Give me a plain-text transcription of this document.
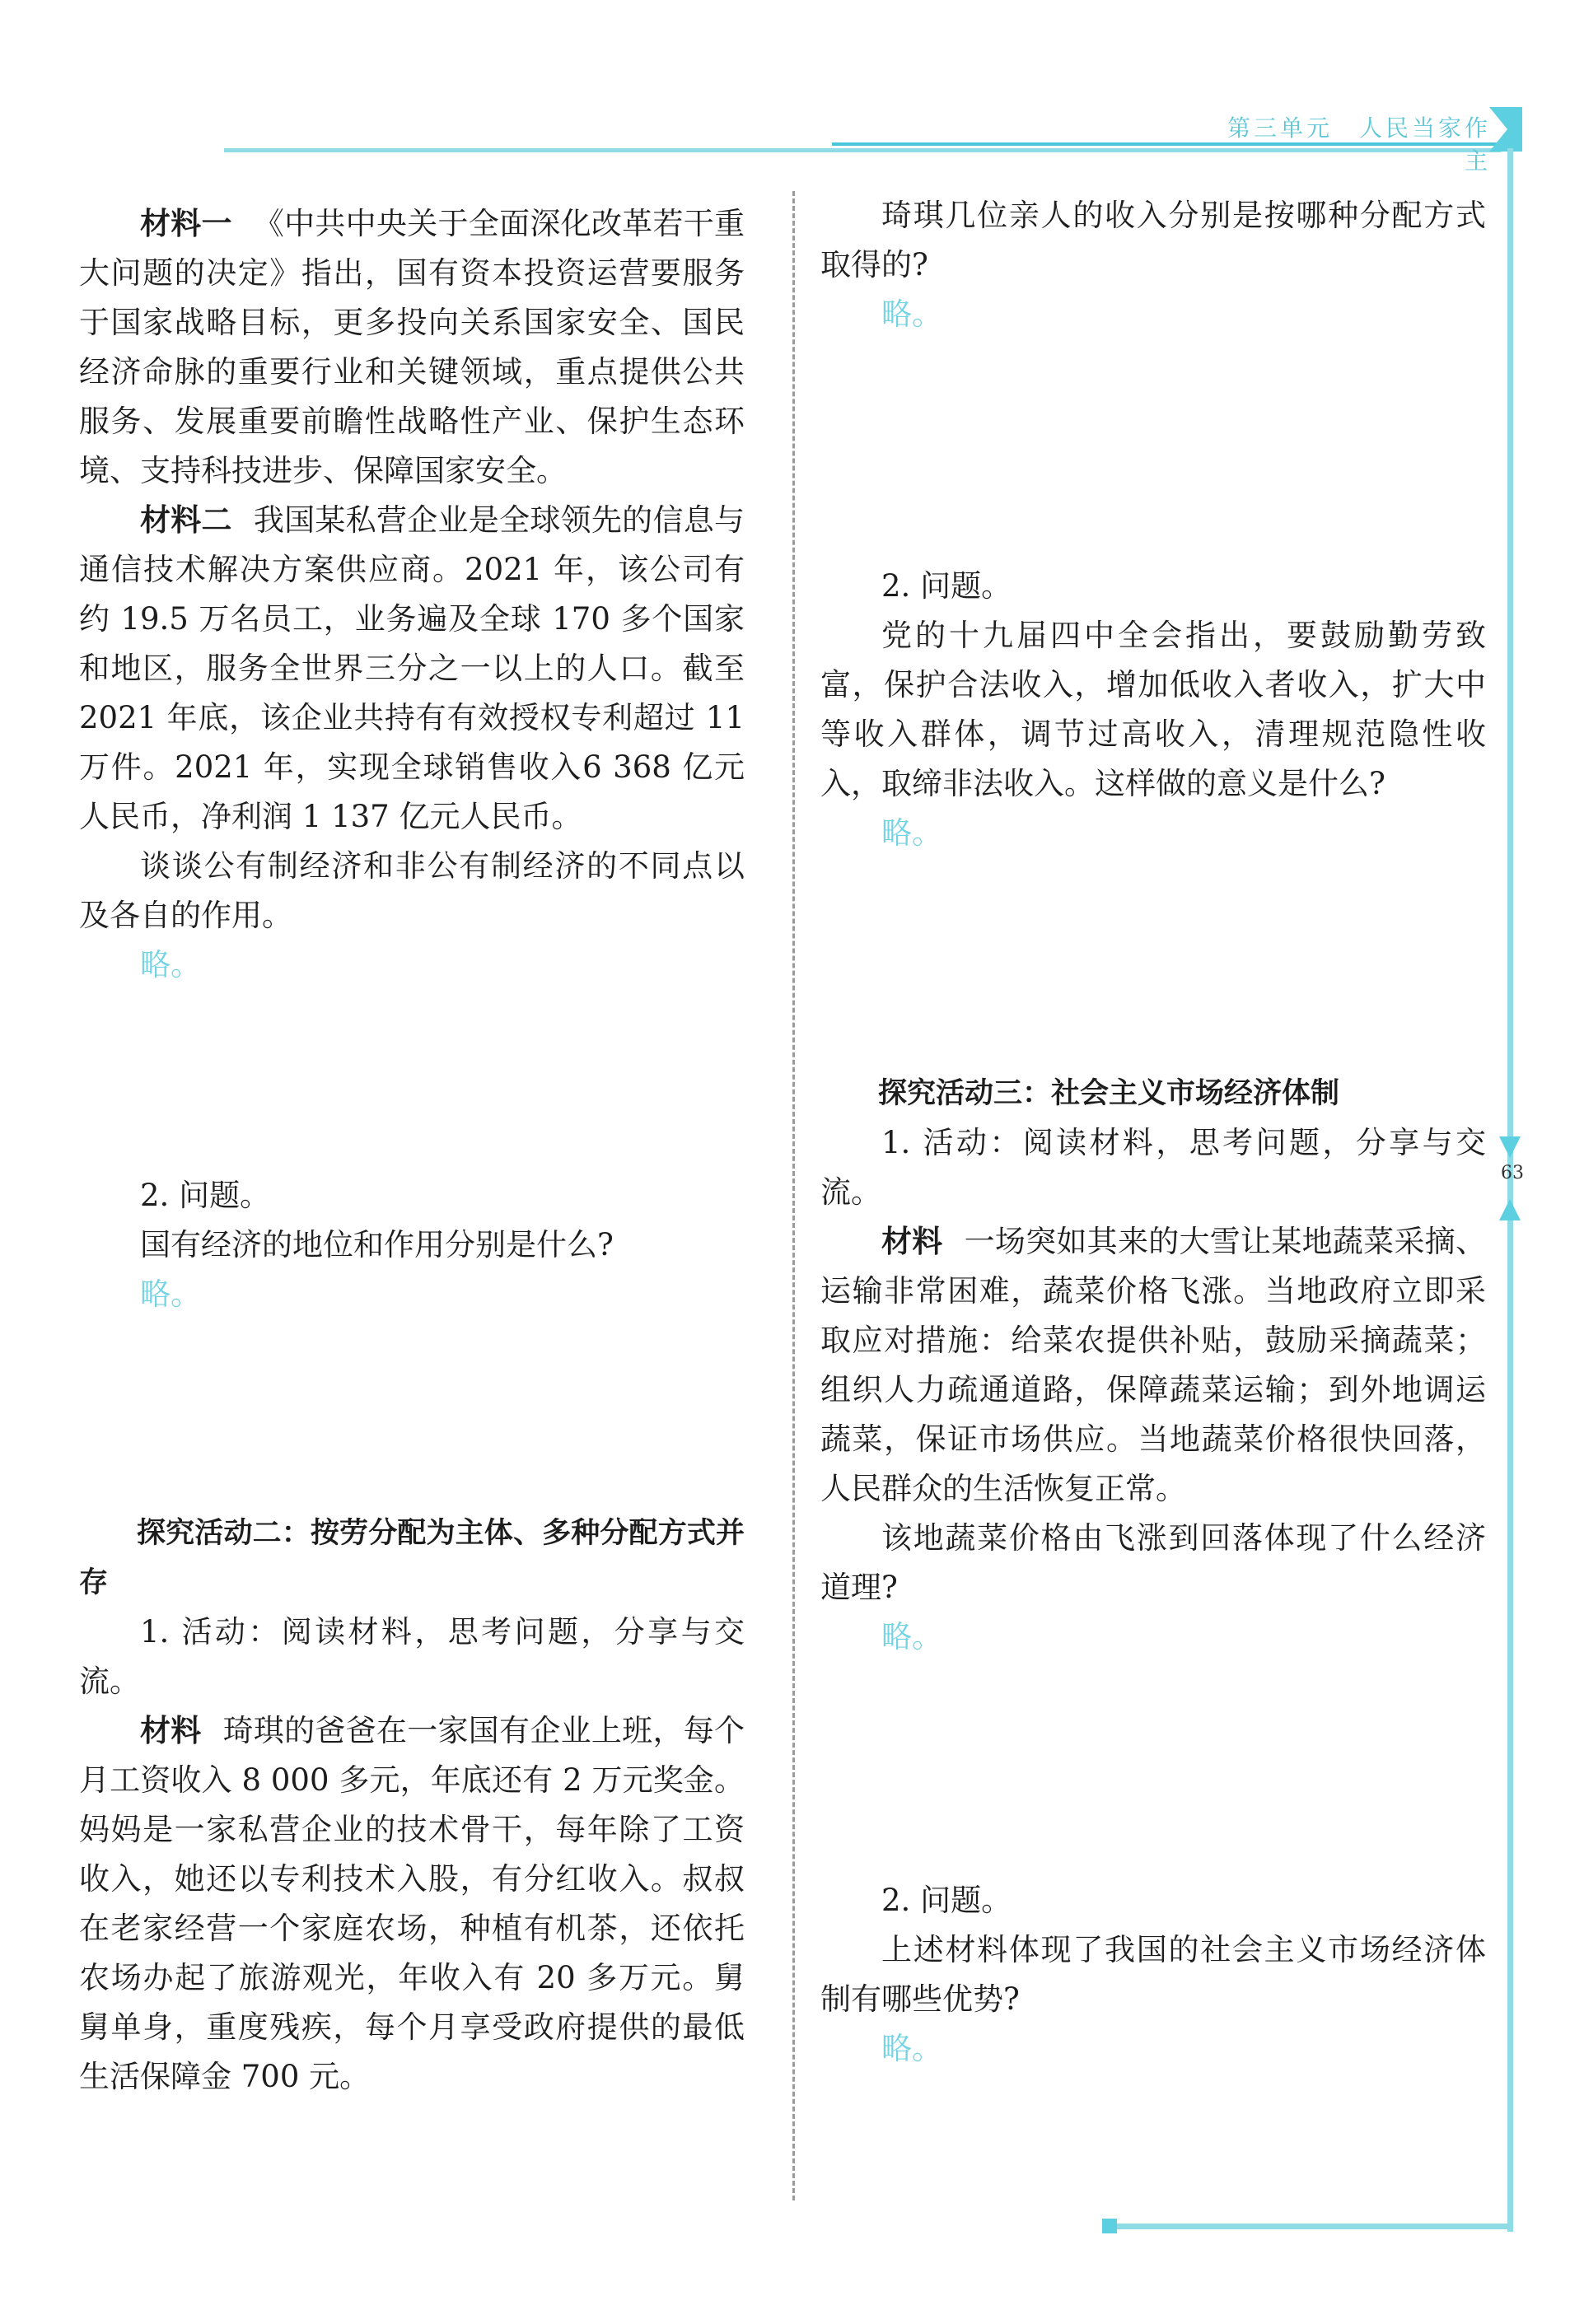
第三单元　人民当家作主
63

材料一 《中共中央关于全面深化改革若干重大问题的决定》指出，国有资本投资运营要服务于国家战略目标，更多投向关系国家安全、国民经济命脉的重要行业和关键领域，重点提供公共服务、发展重要前瞻性战略性产业、保护生态环境、支持科技进步、保障国家安全。

材料二 我国某私营企业是全球领先的信息与通信技术解决方案供应商。2021 年，该公司有约 19.5 万名员工，业务遍及全球 170 多个国家和地区，服务全世界三分之一以上的人口。截至 2021 年底，该企业共持有有效授权专利超过 11 万件。2021 年，实现全球销售收入6 368 亿元人民币，净利润 1 137 亿元人民币。

谈谈公有制经济和非公有制经济的不同点以及各自的作用。

略。

2. 问题。

国有经济的地位和作用分别是什么?

略。

探究活动二：按劳分配为主体、多种分配方式并存

1. 活动：阅读材料，思考问题，分享与交流。

材料 琦琪的爸爸在一家国有企业上班，每个月工资收入 8 000 多元，年底还有 2 万元奖金。妈妈是一家私营企业的技术骨干，每年除了工资收入，她还以专利技术入股，有分红收入。叔叔在老家经营一个家庭农场，种植有机茶，还依托农场办起了旅游观光，年收入有 20 多万元。舅舅单身，重度残疾，每个月享受政府提供的最低生活保障金 700 元。

琦琪几位亲人的收入分别是按哪种分配方式取得的?

略。

2. 问题。

党的十九届四中全会指出，要鼓励勤劳致富，保护合法收入，增加低收入者收入，扩大中等收入群体，调节过高收入，清理规范隐性收入，取缔非法收入。这样做的意义是什么?

略。

探究活动三：社会主义市场经济体制

1. 活动：阅读材料，思考问题，分享与交流。

材料 一场突如其来的大雪让某地蔬菜采摘、运输非常困难，蔬菜价格飞涨。当地政府立即采取应对措施：给菜农提供补贴，鼓励采摘蔬菜；组织人力疏通道路，保障蔬菜运输；到外地调运蔬菜，保证市场供应。当地蔬菜价格很快回落，人民群众的生活恢复正常。

该地蔬菜价格由飞涨到回落体现了什么经济道理?

略。

2. 问题。

上述材料体现了我国的社会主义市场经济体制有哪些优势?

略。
